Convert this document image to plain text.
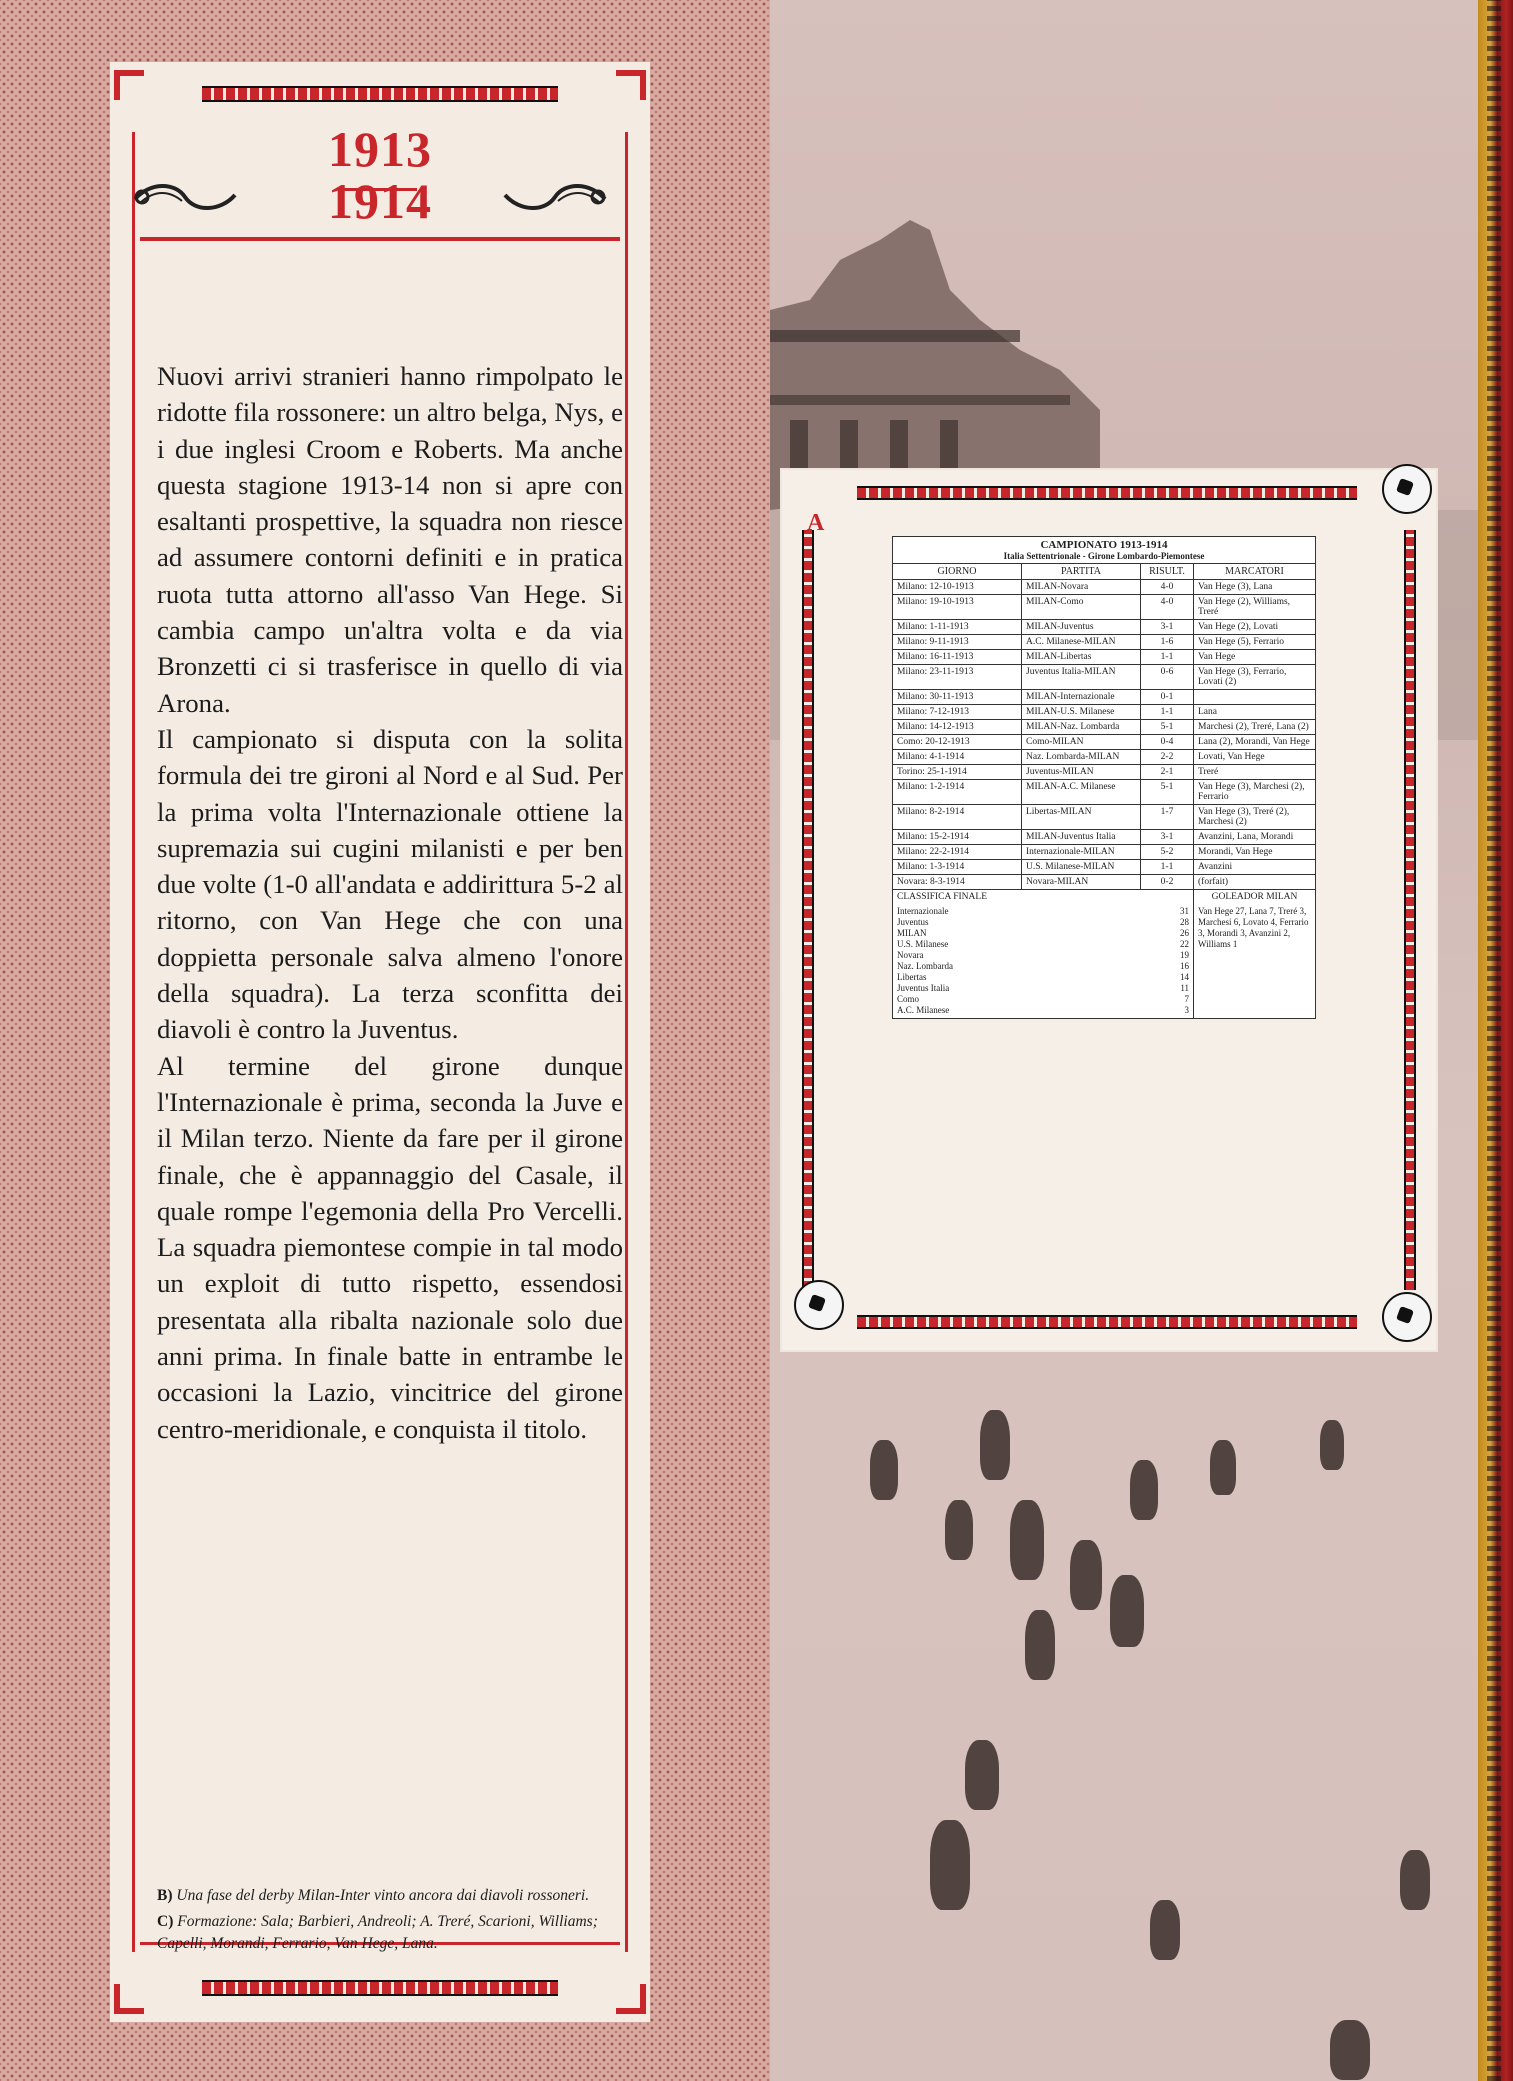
1913
1914

Nuovi arrivi stranieri hanno rimpolpato le ridotte fila rossonere: un altro belga, Nys, e i due inglesi Croom e Roberts. Ma anche questa stagione 1913-14 non si apre con esaltanti prospettive, la squadra non riesce ad assumere contorni definiti e in pratica ruota tutta attorno all'asso Van Hege. Si cambia campo un'altra volta e da via Bronzetti ci si trasferisce in quello di via Arona.

Il campionato si disputa con la solita formula dei tre gironi al Nord e al Sud. Per la prima volta l'Internazionale ottiene la supremazia sui cugini milanisti e per ben due volte (1-0 all'andata e addirittura 5-2 al ritorno, con Van Hege che con una doppietta personale salva almeno l'onore della squadra). La terza sconfitta dei diavoli è contro la Juventus.

Al termine del girone dunque l'Internazionale è prima, seconda la Juve e il Milan terzo. Niente da fare per il girone finale, che è appannaggio del Casale, il quale rompe l'egemonia della Pro Vercelli. La squadra piemontese compie in tal modo un exploit di tutto rispetto, essendosi presentata alla ribalta nazionale solo due anni prima. In finale batte in entrambe le occasioni la Lazio, vincitrice del girone centro-meridionale, e conquista il titolo.

B) Una fase del derby Milan-Inter vinto ancora dai diavoli rossoneri.

C) Formazione: Sala; Barbieri, Andreoli; A. Treré, Scarioni, Williams; Capelli, Morandi, Ferrario, Van Hege, Lana.

A
CAMPIONATO 1913-1914
Italia Settentrionale - Girone Lombardo-Piemontese

GIORNO	PARTITA	RISULT.	MARCATORI
Milano: 12-10-1913	MILAN-Novara	4-0	Van Hege (3), Lana
Milano: 19-10-1913	MILAN-Como	4-0	Van Hege (2), Williams, Treré
Milano: 1-11-1913	MILAN-Juventus	3-1	Van Hege (2), Lovati
Milano: 9-11-1913	A.C. Milanese-MILAN	1-6	Van Hege (5), Ferrario
Milano: 16-11-1913	MILAN-Libertas	1-1	Van Hege
Milano: 23-11-1913	Juventus Italia-MILAN	0-6	Van Hege (3), Ferrario, Lovati (2)
Milano: 30-11-1913	MILAN-Internazionale	0-1	
Milano: 7-12-1913	MILAN-U.S. Milanese	1-1	Lana
Milano: 14-12-1913	MILAN-Naz. Lombarda	5-1	Marchesi (2), Treré, Lana (2)
Como: 20-12-1913	Como-MILAN	0-4	Lana (2), Morandi, Van Hege
Milano: 4-1-1914	Naz. Lombarda-MILAN	2-2	Lovati, Van Hege
Torino: 25-1-1914	Juventus-MILAN	2-1	Treré
Milano: 1-2-1914	MILAN-A.C. Milanese	5-1	Van Hege (3), Marchesi (2), Ferrario
Milano: 8-2-1914	Libertas-MILAN	1-7	Van Hege (3), Treré (2), Marchesi (2)
Milano: 15-2-1914	MILAN-Juventus Italia	3-1	Avanzini, Lana, Morandi
Milano: 22-2-1914	Internazionale-MILAN	5-2	Morandi, Van Hege
Milano: 1-3-1914	U.S. Milanese-MILAN	1-1	Avanzini
Novara: 8-3-1914	Novara-MILAN	0-2	(forfait)
CLASSIFICA FINALE	GOLEADOR MILAN

Internazionale	31
Juventus	28
MILAN	26
U.S. Milanese	22
Novara	19
Naz. Lombarda	16
Libertas	14
Juventus Italia	11
Como	7
A.C. Milanese	3
	Van Hege 27, Lana 7, Treré 3, Marchesi 6, Lovato 4, Ferrario 3, Morandi 3, Avanzini 2, Williams 1
